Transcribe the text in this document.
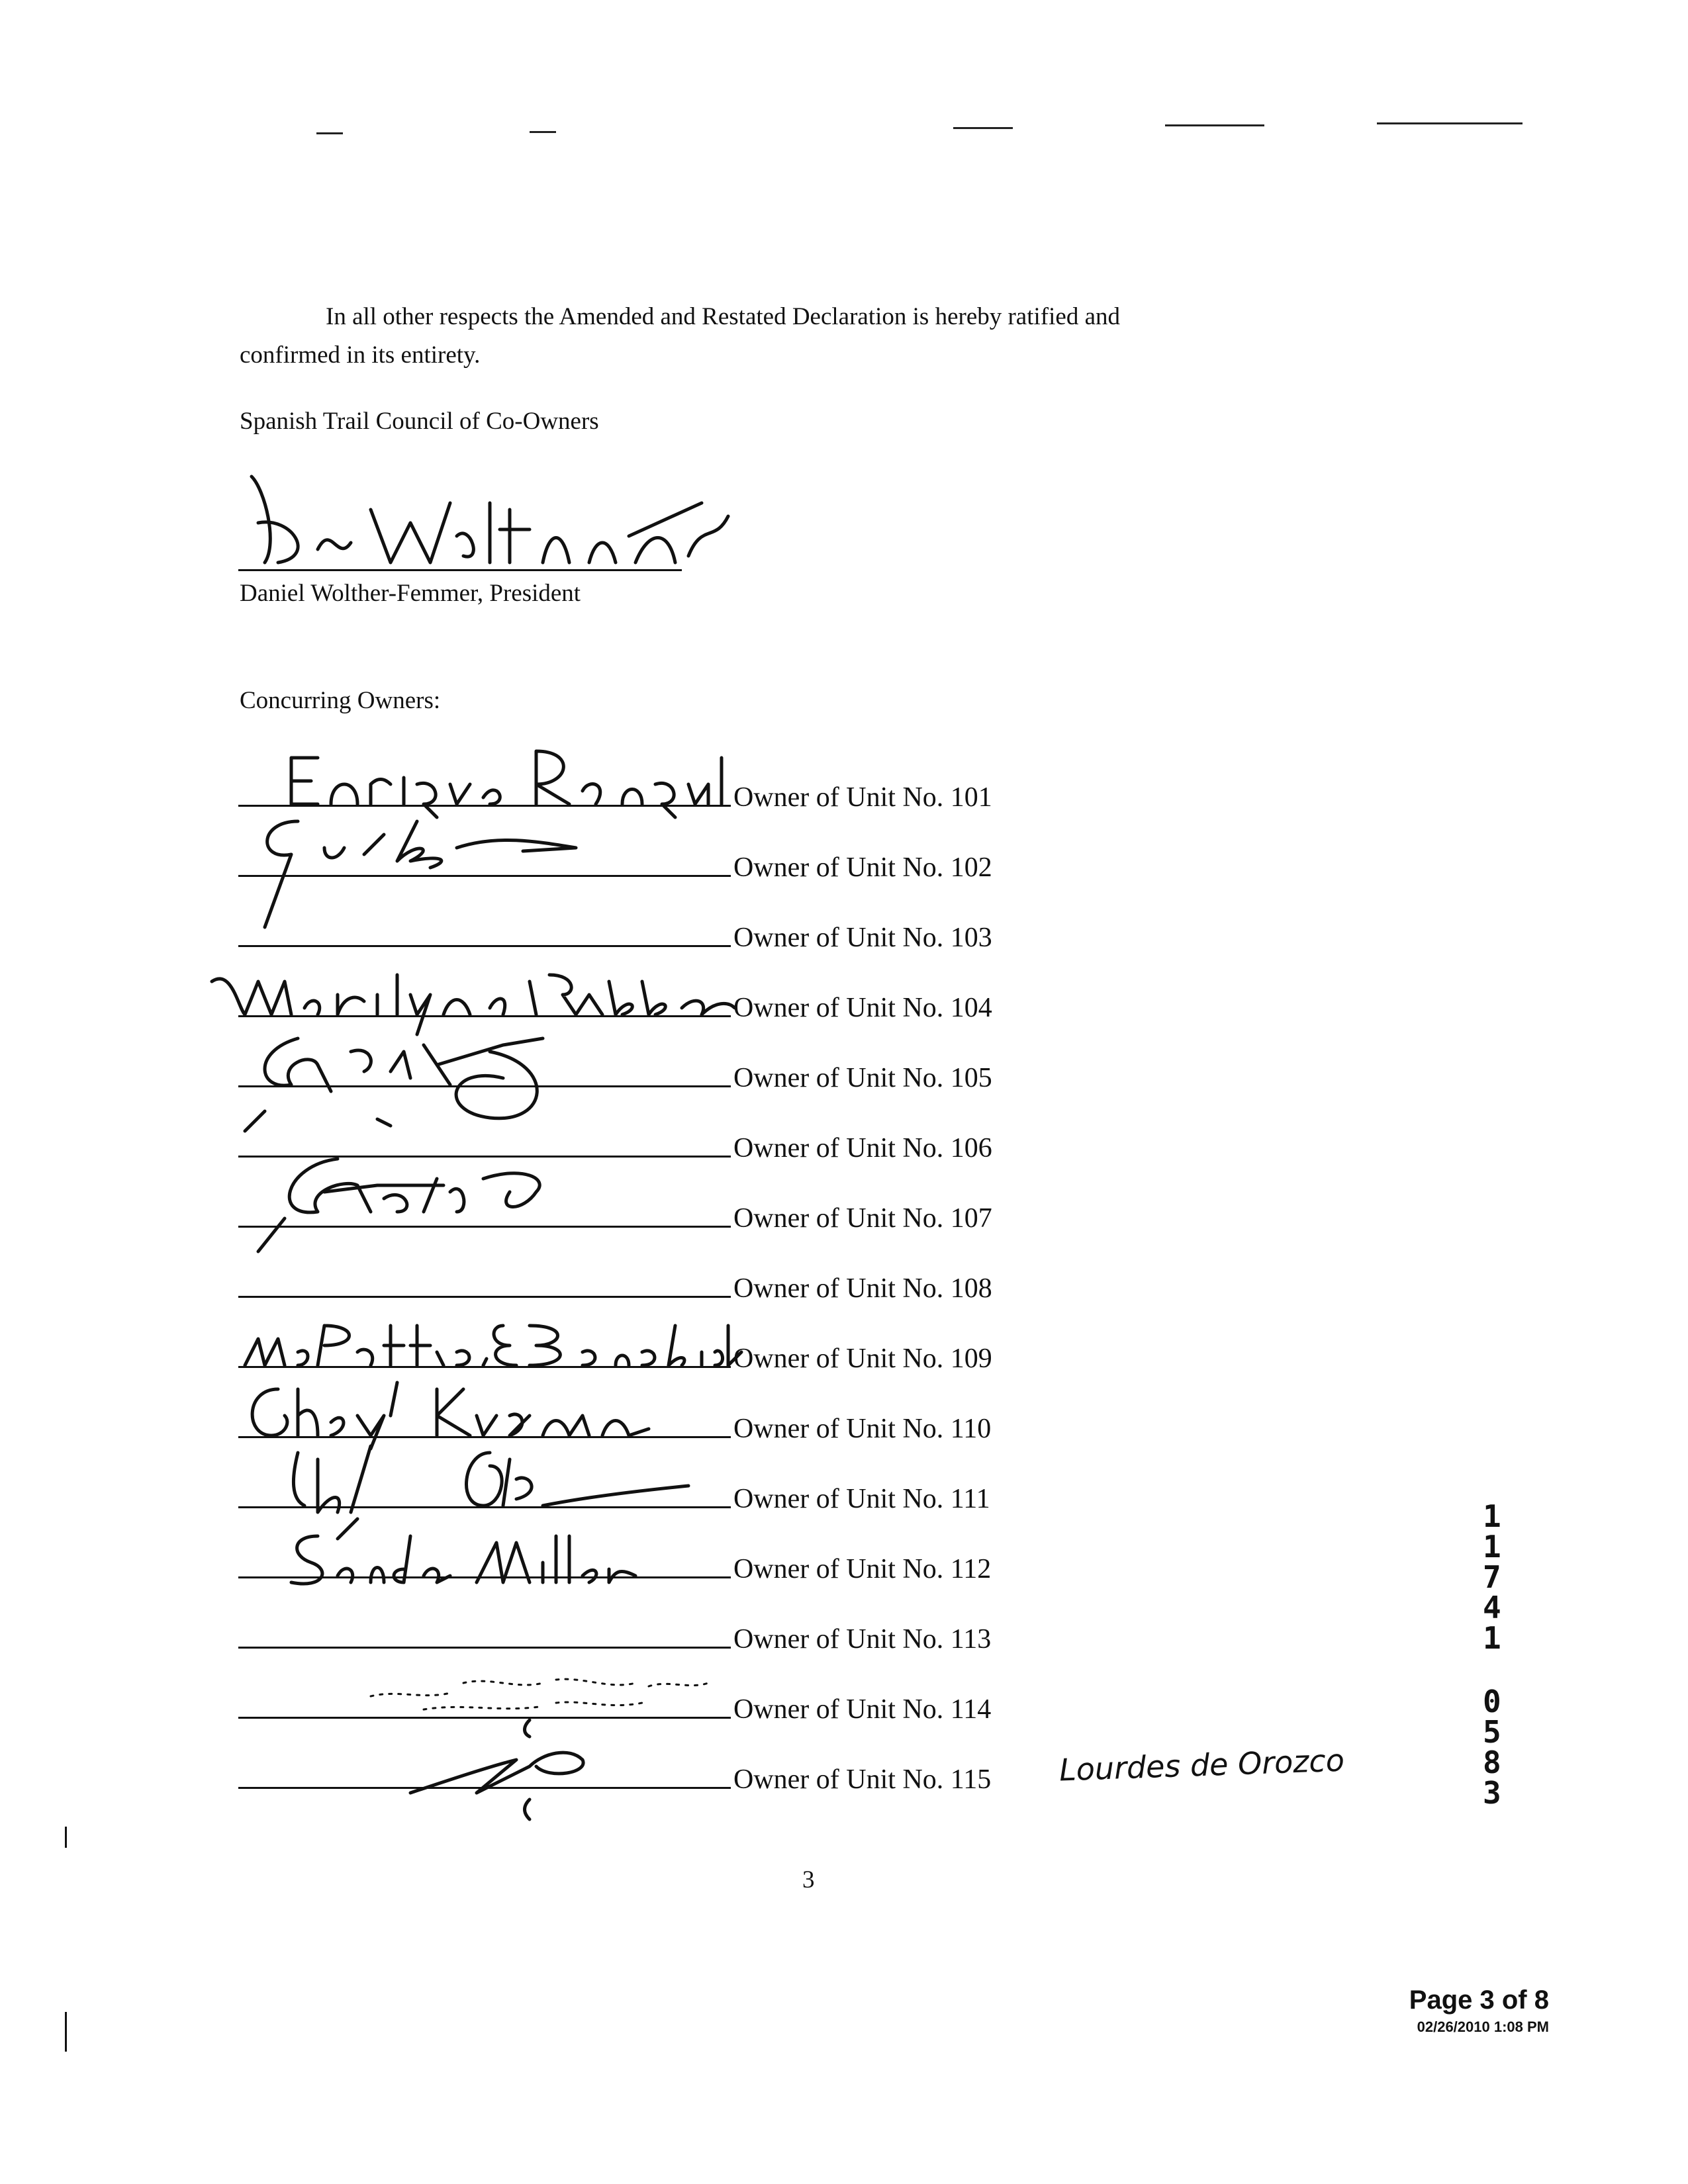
In all other respects the Amended and Restated Declaration is hereby ratified and
confirmed in its entirety.
Spanish Trail Council of Co-Owners
Daniel Wolther-Femmer, President
Concurring Owners:
Owner of Unit No. 101
Owner of Unit No. 102
Owner of Unit No. 103
Owner of Unit No. 104
Owner of Unit No. 105
Owner of Unit No. 106
Owner of Unit No. 107
Owner of Unit No. 108
Owner of Unit No. 109
Owner of Unit No. 110
Owner of Unit No. 111
Owner of Unit No. 112
Owner of Unit No. 113
Owner of Unit No. 114
Owner of Unit No. 115 Lourdes de Orozco
1
1
7
4
1
0
5
8
3
3
Page 3 of 8
02/26/2010 1:08 PM
